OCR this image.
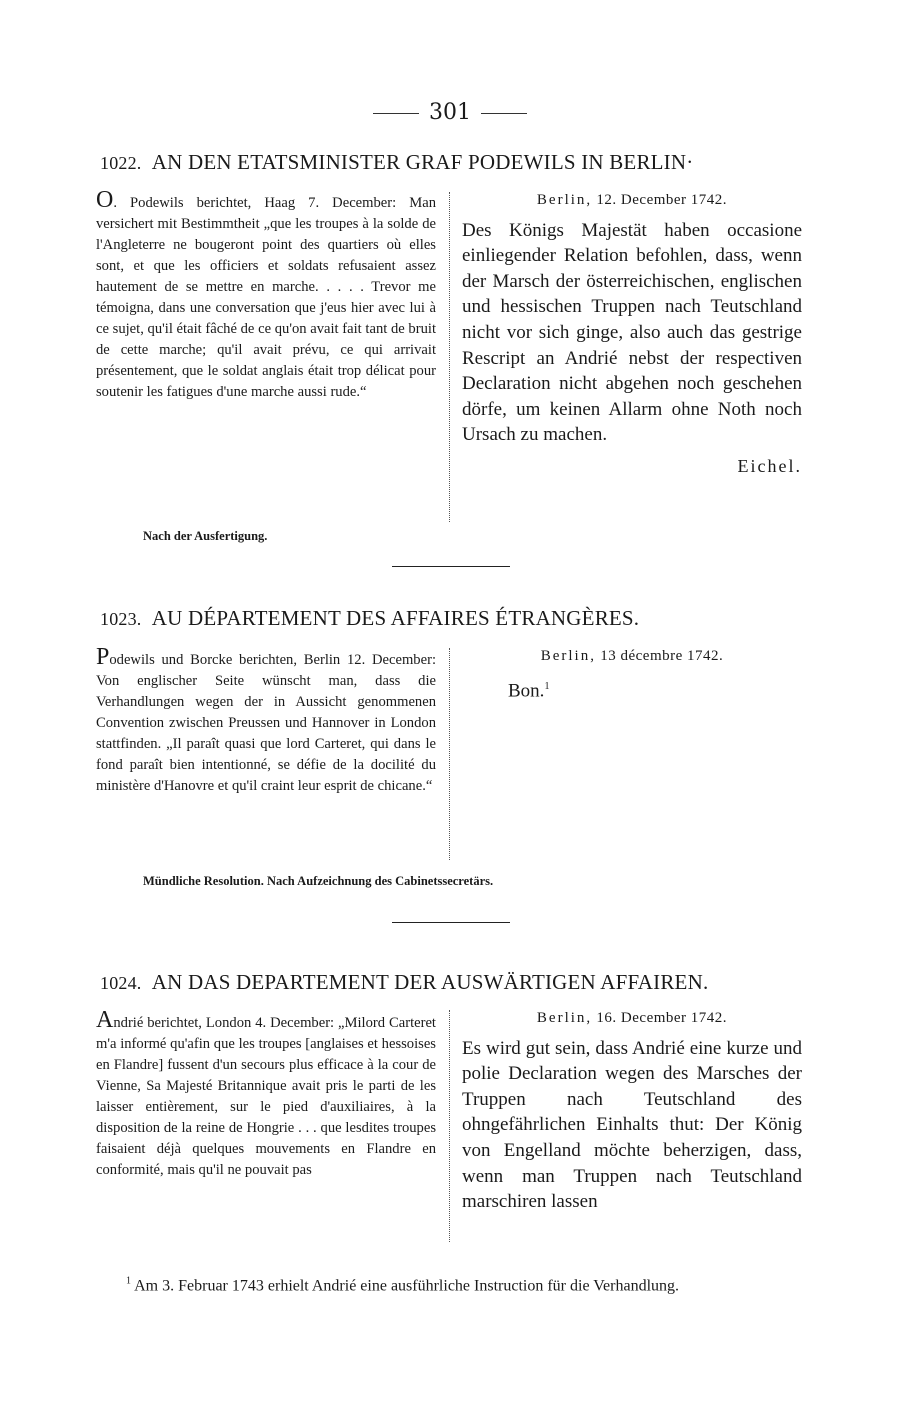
301
1022. AN DEN ETATSMINISTER GRAF PODEWILS IN BERLIN·
O. Podewils berichtet, Haag 7. December: Man versichert mit Bestimmtheit „que les troupes à la solde de l'Angleterre ne bougeront point des quartiers où elles sont, et que les officiers et soldats refusaient assez hautement de se mettre en marche. . . . . Trevor me témoigna, dans une conversation que j'eus hier avec lui à ce sujet, qu'il était fâché de ce qu'on avait fait tant de bruit de cette marche; qu'il avait prévu, ce qui arrivait présentement, que le soldat anglais était trop délicat pour soutenir les fatigues d'une marche aussi rude.“
Berlin, 12. December 1742.
Des Königs Majestät haben occasione einliegender Relation befohlen, dass, wenn der Marsch der österreichischen, englischen und hessischen Truppen nach Teutschland nicht vor sich ginge, also auch das gestrige Rescript an Andrié nebst der respectiven Declaration nicht abgehen noch geschehen dörfe, um keinen Allarm ohne Noth noch Ursach zu machen.
Eichel.
Nach der Ausfertigung.
1023. AU DÉPARTEMENT DES AFFAIRES ÉTRANGÈRES.
Podewils und Borcke berichten, Berlin 12. December: Von englischer Seite wünscht man, dass die Verhandlungen wegen der in Aussicht genommenen Convention zwischen Preussen und Hannover in London stattfinden. „Il paraît quasi que lord Carteret, qui dans le fond paraît bien intentionné, se défie de la docilité du ministère d'Hanovre et qu'il craint leur esprit de chicane.“
Berlin, 13 décembre 1742.
Bon.$^1$
Mündliche Resolution. Nach Aufzeichnung des Cabinetssecretärs.
1024. AN DAS DEPARTEMENT DER AUSWÄRTIGEN AFFAIREN.
Andrié berichtet, London 4. December: „Milord Carteret m'a informé qu'afin que les troupes [anglaises et hessoises en Flandre] fussent d'un secours plus efficace à la cour de Vienne, Sa Majesté Britannique avait pris le parti de les laisser entièrement, sur le pied d'auxiliaires, à la disposition de la reine de Hongrie . . . que lesdites troupes faisaient déjà quelques mouvements en Flandre en conformité, mais qu'il ne pouvait pas
Berlin, 16. December 1742.
Es wird gut sein, dass Andrié eine kurze und polie Declaration wegen des Marsches der Truppen nach Teutschland des ohngefährlichen Einhalts thut: Der König von Engelland möchte beherzigen, dass, wenn man Truppen nach Teutschland marschiren lassen
$^1$ Am 3. Februar 1743 erhielt Andrié eine ausführliche Instruction für die Verhandlung.
